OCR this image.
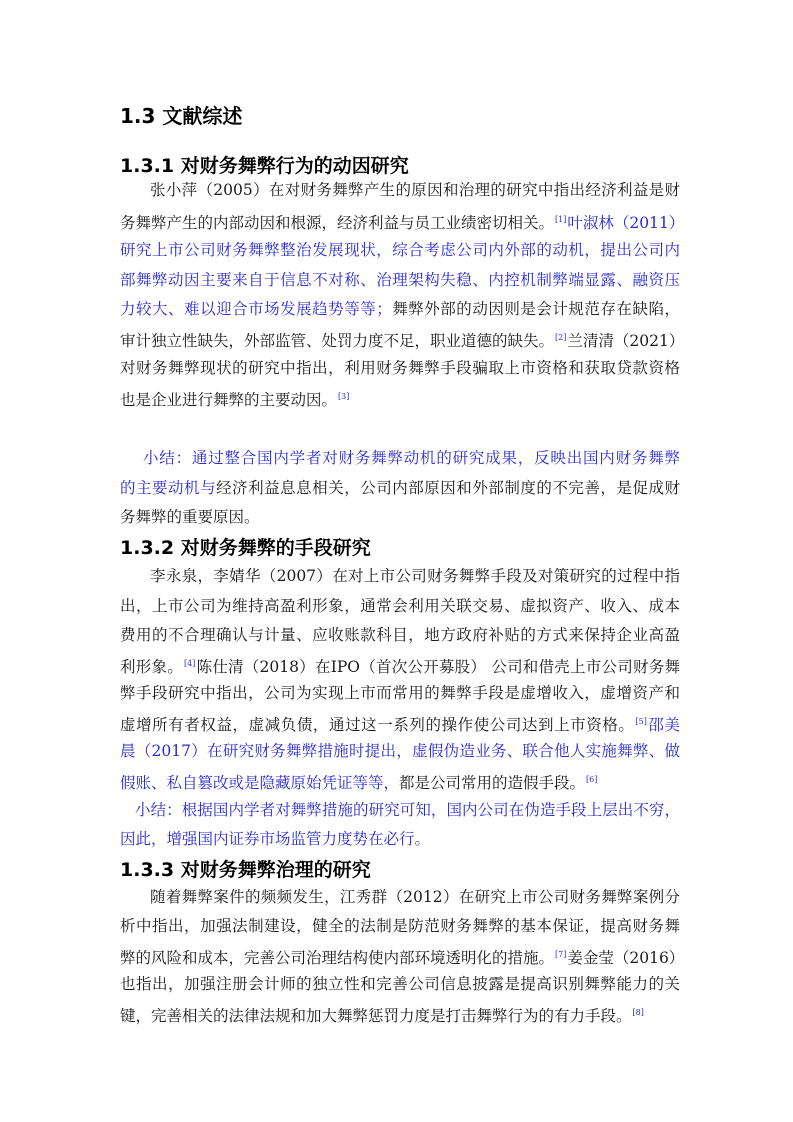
1.3 文献综述
1.3.1 对财务舞弊行为的动因研究
张小萍（2005）在对财务舞弊产生的原因和治理的研究中指出经济利益是财
务舞弊产生的内部动因和根源，经济利益与员工业绩密切相关。[1]叶淑林（2011）
研究上市公司财务舞弊整治发展现状，综合考虑公司内外部的动机，提出公司内
部舞弊动因主要来自于信息不对称、治理架构失稳、内控机制弊端显露、融资压
力较大、难以迎合市场发展趋势等等；舞弊外部的动因则是会计规范存在缺陷，
审计独立性缺失，外部监管、处罚力度不足，职业道德的缺失。[2]兰清清（2021）
对财务舞弊现状的研究中指出，利用财务舞弊手段骗取上市资格和获取贷款资格
也是企业进行舞弊的主要动因。[3]
小结：通过整合国内学者对财务舞弊动机的研究成果，反映出国内财务舞弊
的主要动机与经济利益息息相关，公司内部原因和外部制度的不完善，是促成财
务舞弊的重要原因。
1.3.2 对财务舞弊的手段研究
李永泉，李婧华（2007）在对上市公司财务舞弊手段及对策研究的过程中指
出，上市公司为维持高盈利形象，通常会利用关联交易、虚拟资产、收入、成本
费用的不合理确认与计量、应收账款科目，地方政府补贴的方式来保持企业高盈
利形象。[4]陈仕清（2018）在IPO（首次公开募股） 公司和借壳上市公司财务舞
弊手段研究中指出，公司为实现上市而常用的舞弊手段是虚增收入，虚增资产和
虚增所有者权益，虚减负债，通过这一系列的操作使公司达到上市资格。[5]邵美
晨（2017）在研究财务舞弊措施时提出，虚假伪造业务、联合他人实施舞弊、做
假账、私自篡改或是隐藏原始凭证等等，都是公司常用的造假手段。[6]
小结：根据国内学者对舞弊措施的研究可知，国内公司在伪造手段上层出不穷，
因此，增强国内证券市场监管力度势在必行。
1.3.3 对财务舞弊治理的研究
随着舞弊案件的频频发生，江秀群（2012）在研究上市公司财务舞弊案例分
析中指出，加强法制建设，健全的法制是防范财务舞弊的基本保证，提高财务舞
弊的风险和成本，完善公司治理结构使内部环境透明化的措施。[7]姜金莹（2016）
也指出，加强注册会计师的独立性和完善公司信息披露是提高识别舞弊能力的关
键，完善相关的法律法规和加大舞弊惩罚力度是打击舞弊行为的有力手段。[8]
